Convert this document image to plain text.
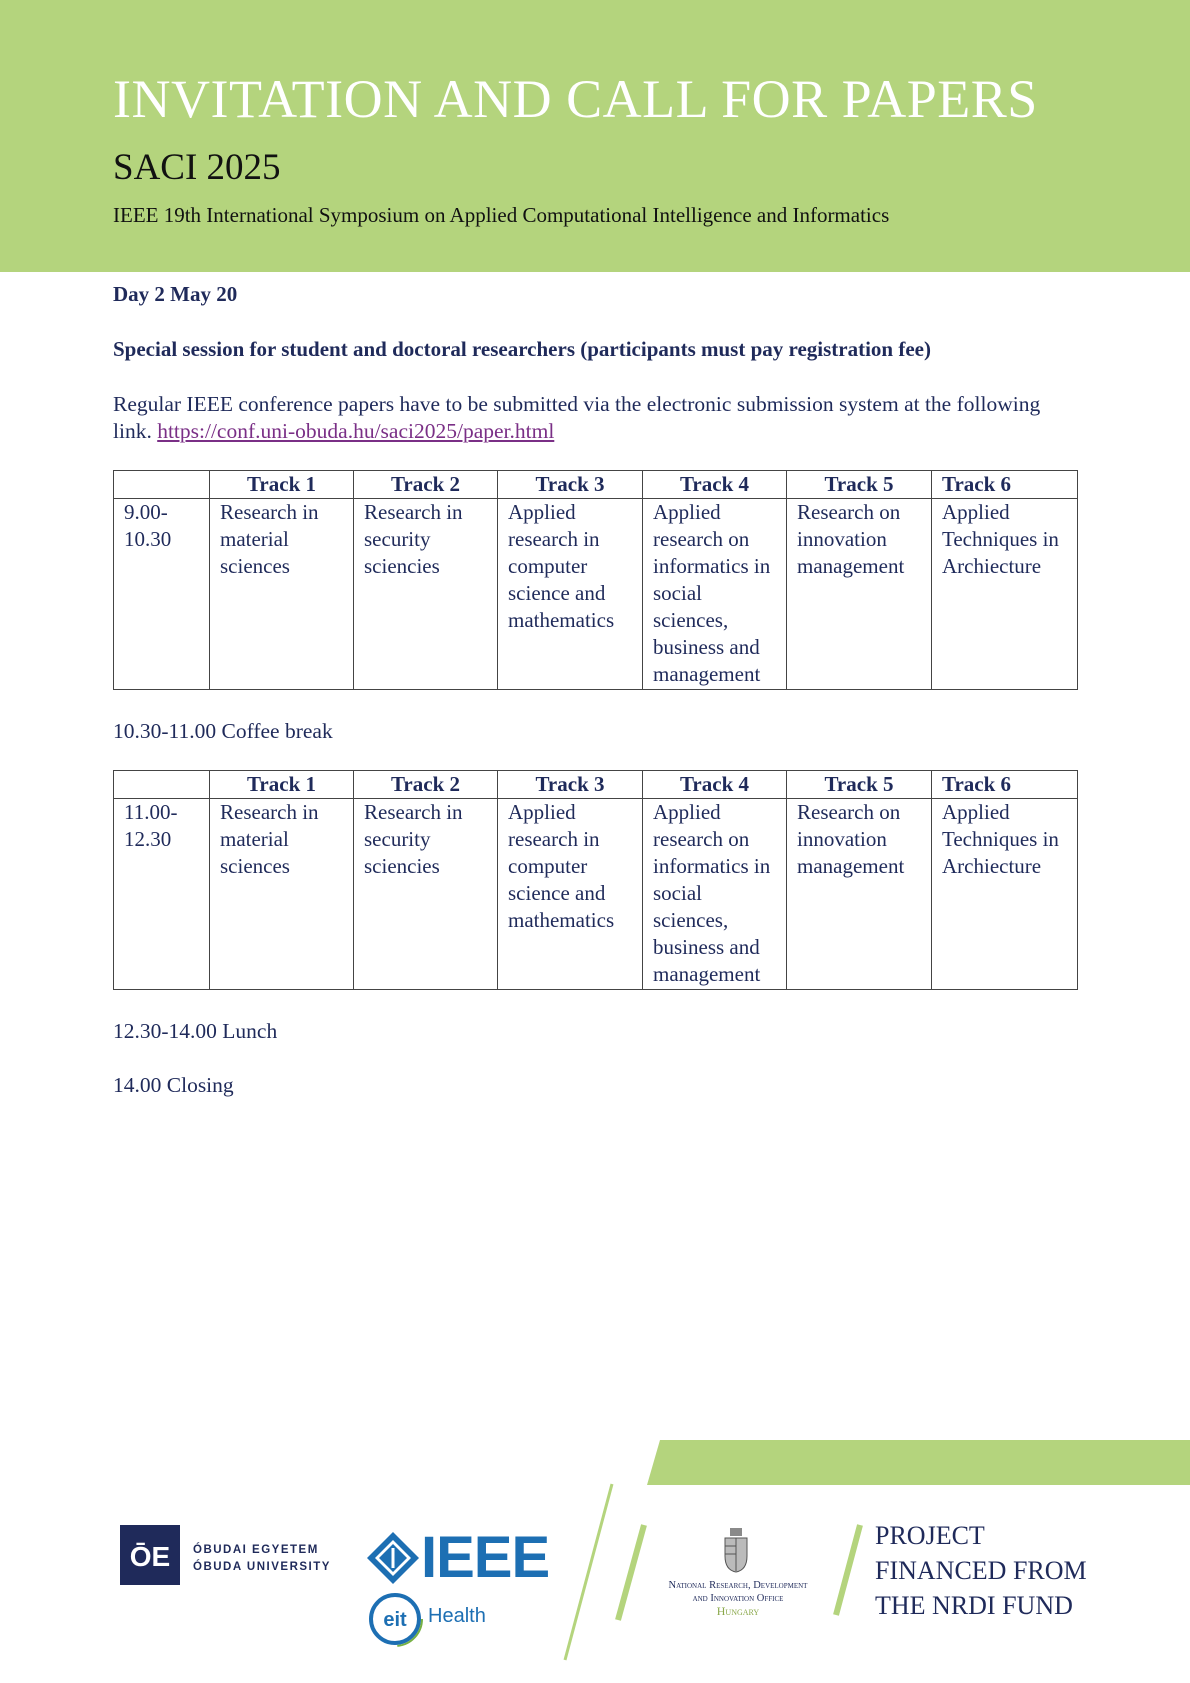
INVITATION AND CALL FOR PAPERS
SACI 2025
IEEE 19th International Symposium on Applied Computational Intelligence and Informatics
Day 2 May 20
Special session for student and doctoral researchers (participants must pay registration fee)
Regular IEEE conference papers have to be submitted via the electronic submission system at the following link. https://conf.uni-obuda.hu/saci2025/paper.html
	Track 1	Track 2	Track 3	Track 4	Track 5	Track 6
9.00-10.30	Research in material sciences	Research in security sciencies	Applied research in computer science and mathematics	Applied research on informatics in social sciences, business and management	Research on innovation management	Applied Techniques in Archiecture
10.30-11.00 Coffee break
	Track 1	Track 2	Track 3	Track 4	Track 5	Track 6
11.00-12.30	Research in material sciences	Research in security sciencies	Applied research in computer science and mathematics	Applied research on informatics in social sciences, business and management	Research on innovation management	Applied Techniques in Archiecture
12.30-14.00 Lunch
14.00 Closing
ŌE ÓBUDAI EGYETEM
ÓBUDA UNIVERSITY IEEE
eit Health
National Research, Development
and Innovation Office
Hungary
PROJECT
FINANCED FROM
THE NRDI FUND
